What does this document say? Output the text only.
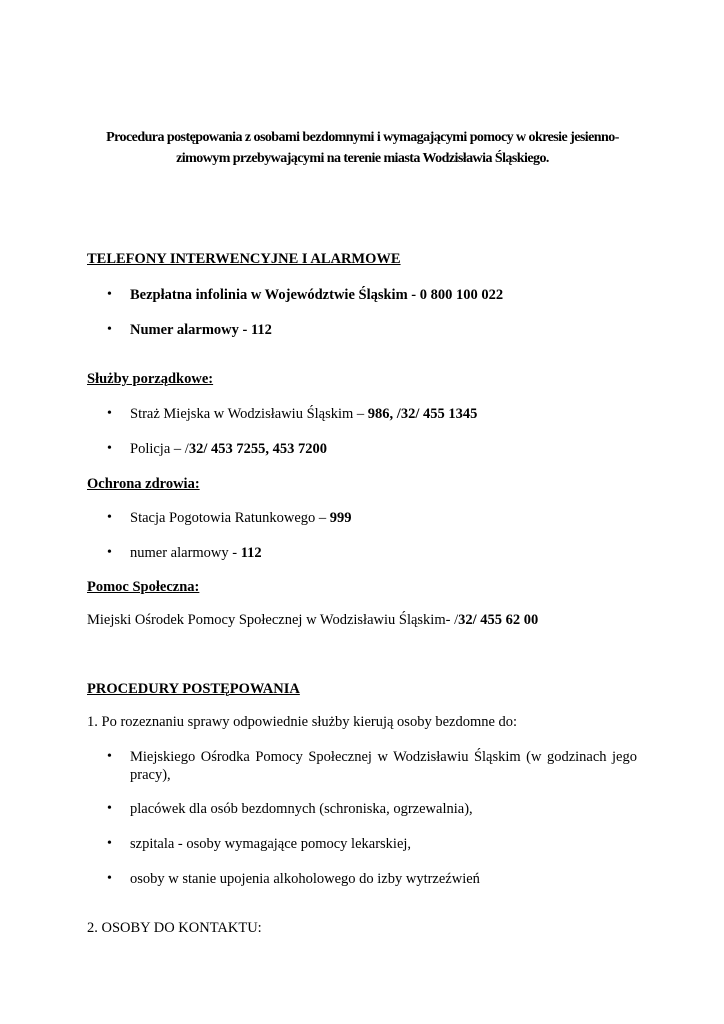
Procedura postępowania z osobami bezdomnymi i wymagającymi pomocy w okresie jesienno-
zimowym przebywającymi na terenie miasta Wodzisławia Śląskiego.
TELEFONY INTERWENCYJNE I ALARMOWE
• Bezpłatna infolinia w Województwie Śląskim - 0 800 100 022
• Numer alarmowy - 112
Służby porządkowe:
• Straż Miejska w Wodzisławiu Śląskim – 986, /32/ 455 1345
• Policja – /32/ 453 7255, 453 7200
Ochrona zdrowia:
• Stacja Pogotowia Ratunkowego – 999
• numer alarmowy - 112
Pomoc Społeczna:
Miejski Ośrodek Pomocy Społecznej w Wodzisławiu Śląskim- /32/ 455 62 00
PROCEDURY POSTĘPOWANIA
1. Po rozeznaniu sprawy odpowiednie służby kierują osoby bezdomne do:
• Miejskiego Ośrodka Pomocy Społecznej w Wodzisławiu Śląskim (w godzinach jego
pracy),
• placówek dla osób bezdomnych (schroniska, ogrzewalnia),
• szpitala - osoby wymagające pomocy lekarskiej,
• osoby w stanie upojenia alkoholowego do izby wytrzeźwień
2. OSOBY DO KONTAKTU:
